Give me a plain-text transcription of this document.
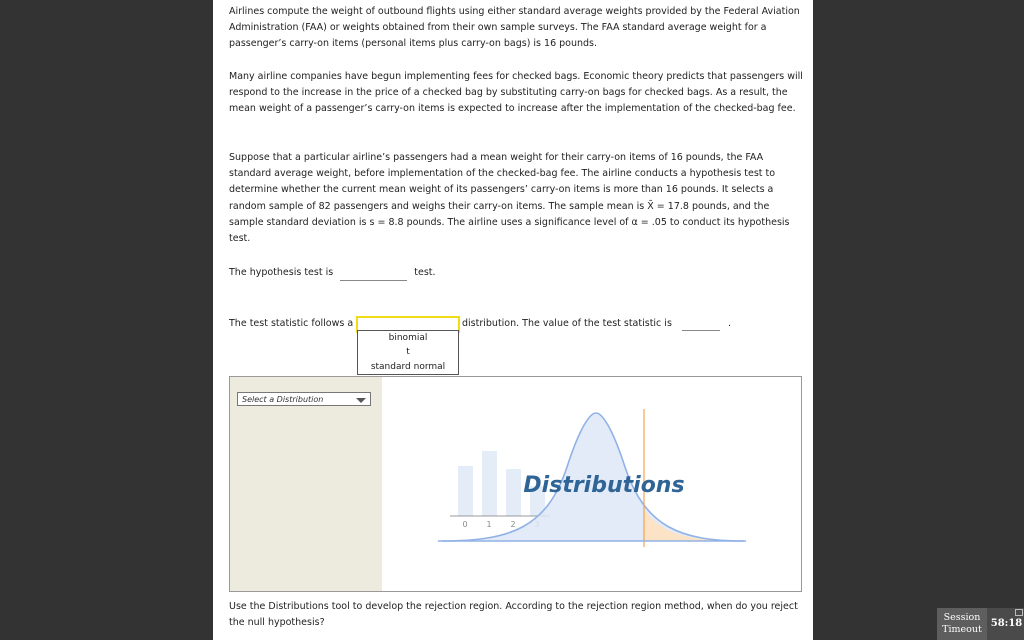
Airlines compute the weight of outbound flights using either standard average weights provided by the Federal Aviation Administration (FAA) or weights obtained from their own sample surveys. The FAA standard average weight for a passenger’s carry-on items (personal items plus carry-on bags) is 16 pounds.

Many airline companies have begun implementing fees for checked bags. Economic theory predicts that passengers will respond to the increase in the price of a checked bag by substituting carry-on bags for checked bags. As a result, the mean weight of a passenger’s carry-on items is expected to increase after the implementation of the checked-bag fee.

Suppose that a particular airline’s passengers had a mean weight for their carry-on items of 16 pounds, the FAA standard average weight, before implementation of the checked-bag fee. The airline conducts a hypothesis test to determine whether the current mean weight of its passengers’ carry-on items is more than 16 pounds. It selects a random sample of 82 passengers and weighs their carry-on items. The sample mean is X̄ = 17.8 pounds, and the sample standard deviation is s = 8.8 pounds. The airline uses a significance level of α = .05 to conduct its hypothesis test.

The hypothesis test is	test.
The test statistic follows a	distribution. The value of the test statistic is	.
binomial
t
standard normal
Select a Distribution
0 1 2
Distributions

Use the Distributions tool to develop the rejection region. According to the rejection region method, when do you reject the null hypothesis?	Session
Timeout
58:18
